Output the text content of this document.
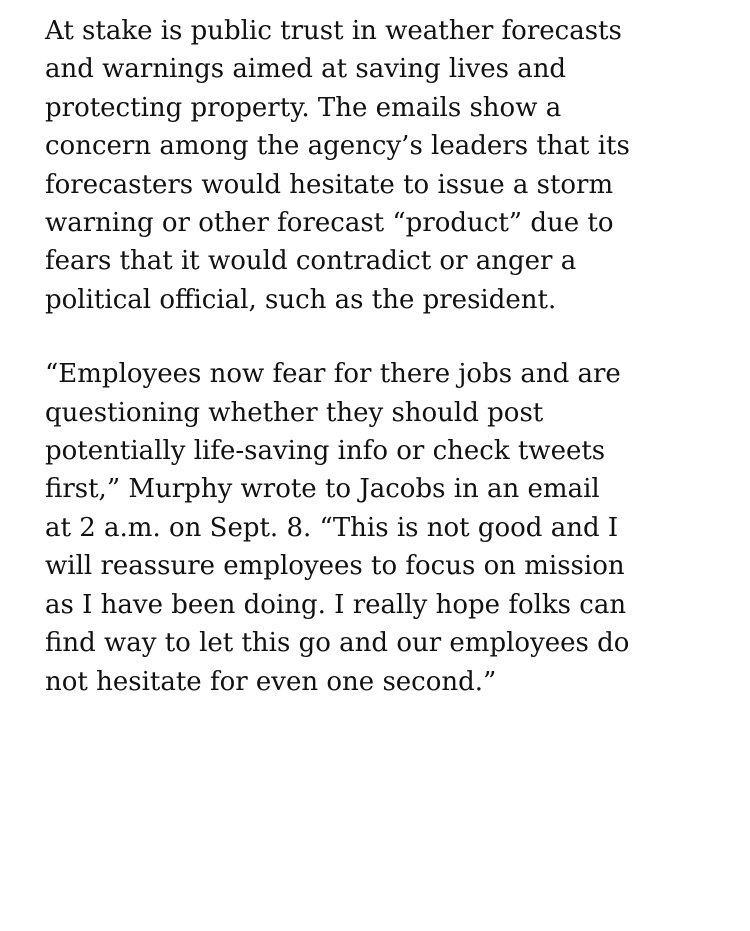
At stake is public trust in weather forecasts
and warnings aimed at saving lives and
protecting property. The emails show a
concern among the agency’s leaders that its
forecasters would hesitate to issue a storm
warning or other forecast “product” due to
fears that it would contradict or anger a
political official, such as the president.

“Employees now fear for there jobs and are
questioning whether they should post
potentially life-saving info or check tweets
first,” Murphy wrote to Jacobs in an email
at 2 a.m. on Sept. 8. “This is not good and I
will reassure employees to focus on mission
as I have been doing. I really hope folks can
find way to let this go and our employees do
not hesitate for even one second.”
